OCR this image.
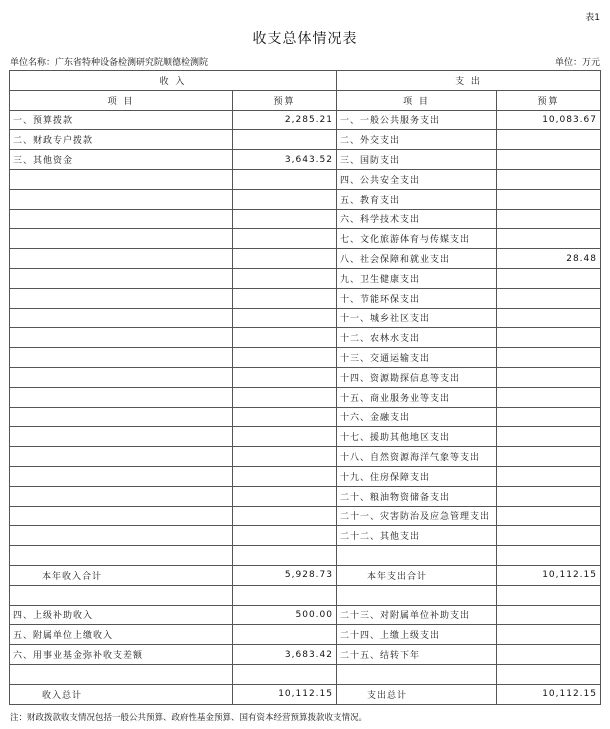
表1
收支总体情况表
单位名称：广东省特种设备检测研究院顺德检测院	单位：万元
收 入		支 出	
项 目	预算	项 目	预算
一、预算拨款	2,285.21	一、一般公共服务支出	10,083.67
二、财政专户拨款		二、外交支出	
三、其他资金	3,643.52	三、国防支出	
		四、公共安全支出	
		五、教育支出	
		六、科学技术支出	
		七、文化旅游体育与传媒支出	
		八、社会保障和就业支出	28.48
		九、卫生健康支出	
		十、节能环保支出	
		十一、城乡社区支出	
		十二、农林水支出	
		十三、交通运输支出	
		十四、资源勘探信息等支出	
		十五、商业服务业等支出	
		十六、金融支出	
		十七、援助其他地区支出	
		十八、自然资源海洋气象等支出	
		十九、住房保障支出	
		二十、粮油物资储备支出	
		二十一、灾害防治及应急管理支出	
		二十二、其他支出	

本年收入合计	5,928.73	本年支出合计	10,112.15

四、上级补助收入	500.00	二十三、对附属单位补助支出	
五、附属单位上缴收入		二十四、上缴上级支出	
六、用事业基金弥补收支差额	3,683.42	二十五、结转下年	

收入总计	10,112.15	支出总计	10,112.15
注：财政拨款收支情况包括一般公共预算、政府性基金预算、国有资本经营预算拨款收支情况。
